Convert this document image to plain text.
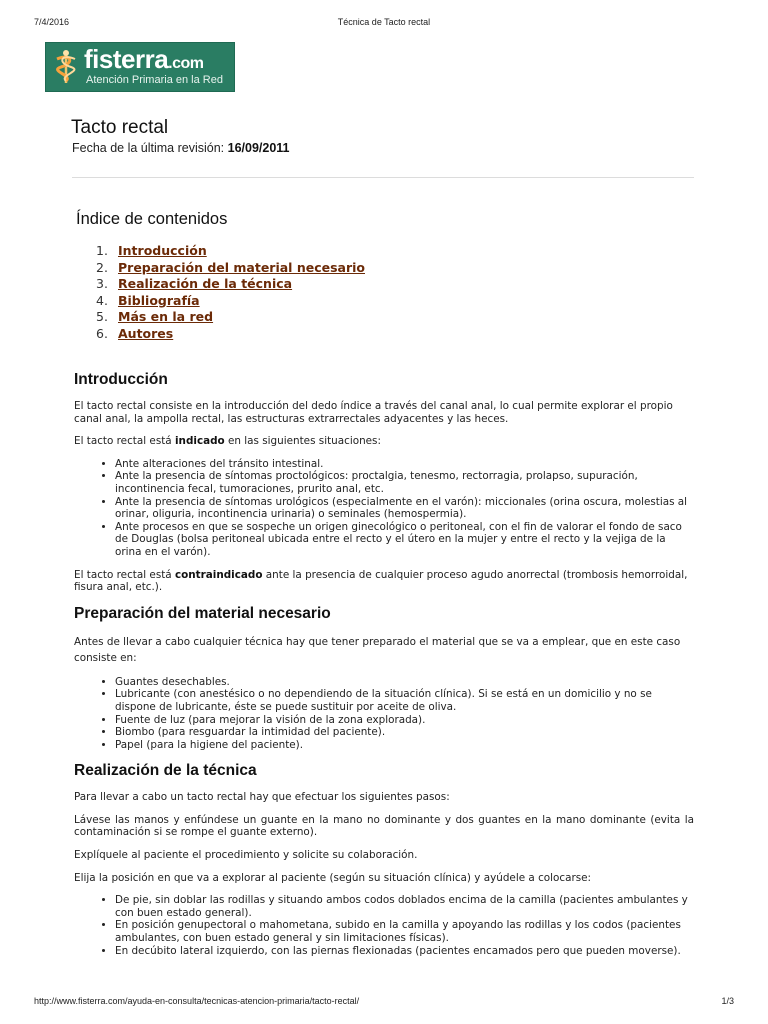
7/4/2016	Técnica de Tacto rectal
fisterra.com
Atención Primaria en la Red
Tacto rectal
Fecha de la última revisión: 16/09/2011
Índice de contenidos
1. Introducción
2. Preparación del material necesario
3. Realización de la técnica
4. Bibliografía
5. Más en la red
6. Autores
Introducción

El tacto rectal consiste en la introducción del dedo índice a través del canal anal, lo cual permite explorar el propio canal anal, la ampolla rectal, las estructuras extrarrectales adyacentes y las heces.

El tacto rectal está indicado en las siguientes situaciones:

• Ante alteraciones del tránsito intestinal.
• Ante la presencia de síntomas proctológicos: proctalgia, tenesmo, rectorragia, prolapso, supuración, incontinencia fecal, tumoraciones, prurito anal, etc.
• Ante la presencia de síntomas urológicos (especialmente en el varón): miccionales (orina oscura, molestias al orinar, oliguria, incontinencia urinaria) o seminales (hemospermia).
• Ante procesos en que se sospeche un origen ginecológico o peritoneal, con el fin de valorar el fondo de saco de Douglas (bolsa peritoneal ubicada entre el recto y el útero en la mujer y entre el recto y la vejiga de la orina en el varón).

El tacto rectal está contraindicado ante la presencia de cualquier proceso agudo anorrectal (trombosis hemorroidal, fisura anal, etc.).

Preparación del material necesario

Antes de llevar a cabo cualquier técnica hay que tener preparado el material que se va a emplear, que en este caso consiste en:

• Guantes desechables.
• Lubricante (con anestésico o no dependiendo de la situación clínica). Si se está en un domicilio y no se dispone de lubricante, éste se puede sustituir por aceite de oliva.
• Fuente de luz (para mejorar la visión de la zona explorada).
• Biombo (para resguardar la intimidad del paciente).
• Papel (para la higiene del paciente).
Realización de la técnica

Para llevar a cabo un tacto rectal hay que efectuar los siguientes pasos:

Lávese las manos y enfúndese un guante en la mano no dominante y dos guantes en la mano dominante (evita la contaminación si se rompe el guante externo).

Explíquele al paciente el procedimiento y solicite su colaboración.

Elija la posición en que va a explorar al paciente (según su situación clínica) y ayúdele a colocarse:

• De pie, sin doblar las rodillas y situando ambos codos doblados encima de la camilla (pacientes ambulantes y con buen estado general).
• En posición genupectoral o mahometana, subido en la camilla y apoyando las rodillas y los codos (pacientes ambulantes, con buen estado general y sin limitaciones físicas).
• En decúbito lateral izquierdo, con las piernas flexionadas (pacientes encamados pero que pueden moverse).
http://www.fisterra.com/ayuda-en-consulta/tecnicas-atencion-primaria/tacto-rectal/	1/3
